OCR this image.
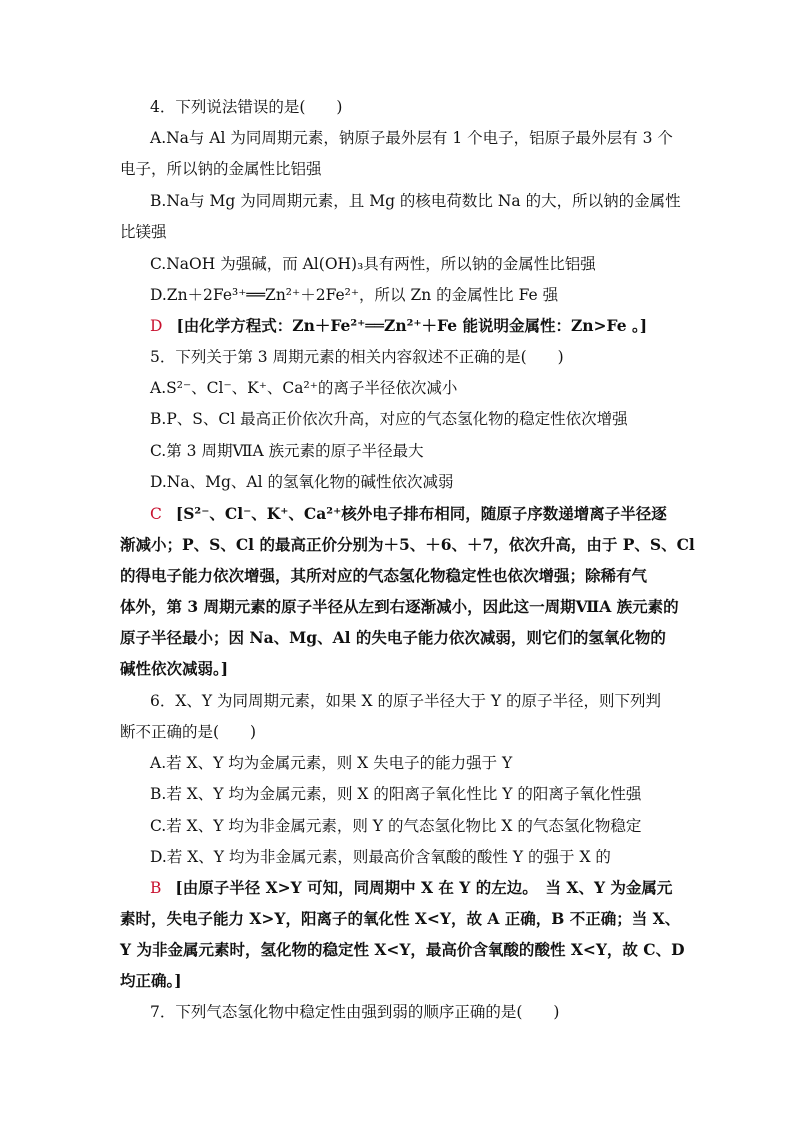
4．下列说法错误的是(　　)
A.Na与 Al 为同周期元素，钠原子最外层有 1 个电子，铝原子最外层有 3 个
电子，所以钠的金属性比铝强
B.Na与 Mg 为同周期元素，且 Mg 的核电荷数比 Na 的大，所以钠的金属性
比镁强
C.NaOH 为强碱，而 Al(OH)₃具有两性，所以钠的金属性比铝强
D.Zn＋2Fe³⁺══Zn²⁺＋2Fe²⁺，所以 Zn 的金属性比 Fe 强
D [由化学方程式：Zn＋Fe²⁺══Zn²⁺＋Fe 能说明金属性：Zn>Fe 。]
5．下列关于第 3 周期元素的相关内容叙述不正确的是(　　)
A.S²⁻、Cl⁻、K⁺、Ca²⁺的离子半径依次减小
B.P、S、Cl 最高正价依次升高，对应的气态氢化物的稳定性依次增强
C.第 3 周期ⅦA 族元素的原子半径最大
D.Na、Mg、Al 的氢氧化物的碱性依次减弱
C [S²⁻、Cl⁻、K⁺、Ca²⁺核外电子排布相同，随原子序数递增离子半径逐
渐减小；P、S、Cl 的最高正价分别为＋5、＋6、＋7，依次升高，由于 P、S、Cl
的得电子能力依次增强，其所对应的气态氢化物稳定性也依次增强；除稀有气
体外，第 3 周期元素的原子半径从左到右逐渐减小，因此这一周期ⅦA 族元素的
原子半径最小；因 Na、Mg、Al 的失电子能力依次减弱，则它们的氢氧化物的
碱性依次减弱。]
6．X、Y 为同周期元素，如果 X 的原子半径大于 Y 的原子半径，则下列判
断不正确的是(　　)
A.若 X、Y 均为金属元素，则 X 失电子的能力强于 Y
B.若 X、Y 均为金属元素，则 X 的阳离子氧化性比 Y 的阳离子氧化性强
C.若 X、Y 均为非金属元素，则 Y 的气态氢化物比 X 的气态氢化物稳定
D.若 X、Y 均为非金属元素，则最高价含氧酸的酸性 Y 的强于 X 的
B [由原子半径 X>Y 可知，同周期中 X 在 Y 的左边。　当 X、Y 为金属元
素时，失电子能力 X>Y，阳离子的氧化性 X<Y，故 A 正确，B 不正确；当 X、
Y 为非金属元素时，氢化物的稳定性 X<Y，最高价含氧酸的酸性 X<Y，故 C、D
均正确。]
7．下列气态氢化物中稳定性由强到弱的顺序正确的是(　　)
